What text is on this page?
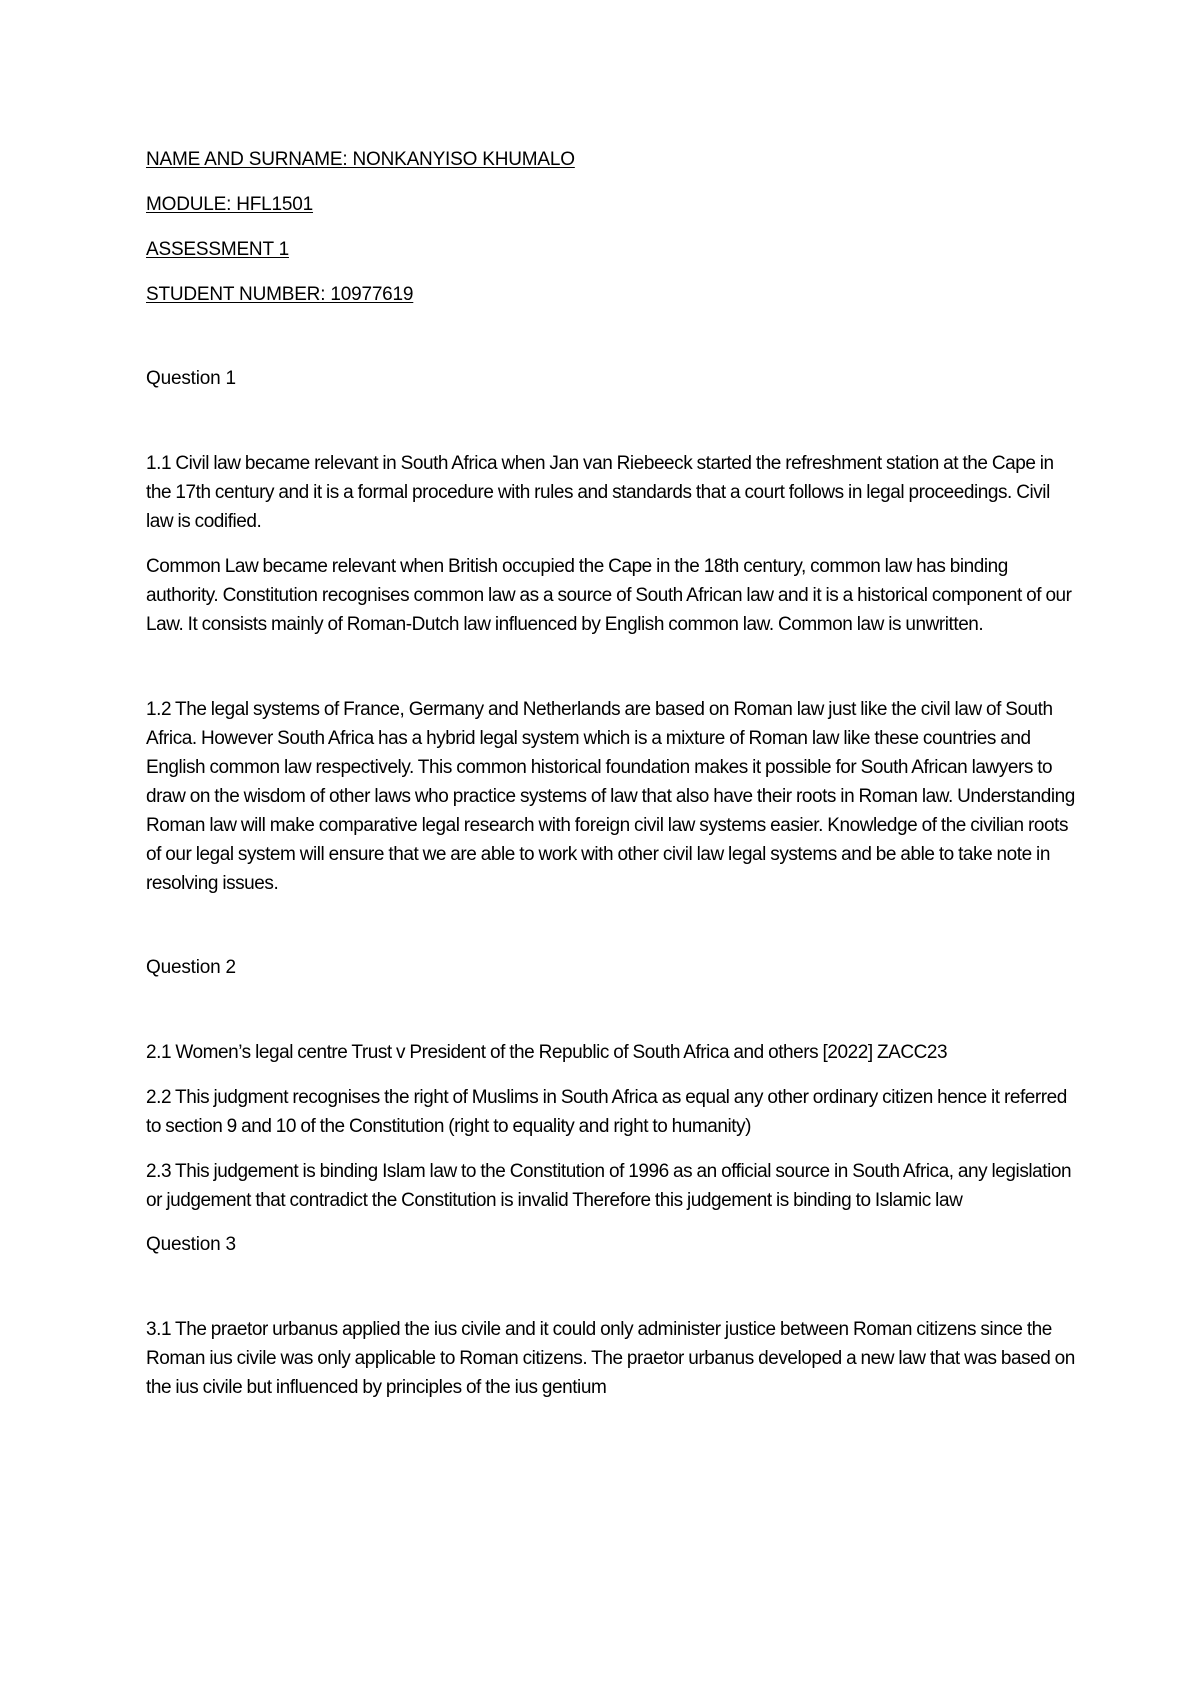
NAME AND SURNAME: NONKANYISO KHUMALO

MODULE: HFL1501

ASSESSMENT 1

STUDENT NUMBER: 10977619

Question 1

1.1 Civil law became relevant in South Africa when Jan van Riebeeck started the refreshment station at the Cape in the 17th century and it is a formal procedure with rules and standards that a court follows in legal proceedings. Civil law is codified.

Common Law became relevant when British occupied the Cape in the 18th century, common law has binding authority. Constitution recognises common law as a source of South African law and it is a historical component of our Law. It consists mainly of Roman-Dutch law influenced by English common law. Common law is unwritten.

1.2 The legal systems of France, Germany and Netherlands are based on Roman law just like the civil law of South Africa. However South Africa has a hybrid legal system which is a mixture of Roman law like these countries and English common law respectively. This common historical foundation makes it possible for South African lawyers to draw on the wisdom of other laws who practice systems of law that also have their roots in Roman law. Understanding Roman law will make comparative legal research with foreign civil law systems easier. Knowledge of the civilian roots of our legal system will ensure that we are able to work with other civil law legal systems and be able to take note in resolving issues.

Question 2

2.1 Women’s legal centre Trust v President of the Republic of South Africa and others [2022] ZACC23

2.2 This judgment recognises the right of Muslims in South Africa as equal any other ordinary citizen hence it referred to section 9 and 10 of the Constitution (right to equality and right to humanity)

2.3 This judgement is binding Islam law to the Constitution of 1996 as an official source in South Africa, any legislation or judgement that contradict the Constitution is invalid Therefore this judgement is binding to Islamic law

Question 3

3.1 The praetor urbanus applied the ius civile and it could only administer justice between Roman citizens since the Roman ius civile was only applicable to Roman citizens. The praetor urbanus developed a new law that was based on the ius civile but influenced by principles of the ius gentium
